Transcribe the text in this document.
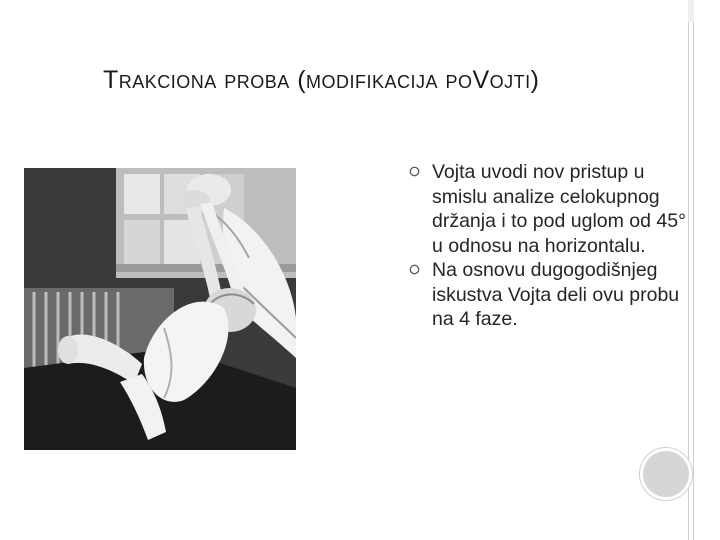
Trakciona proba (modifikacija poVojti)
Vojta uvodi nov pristup u smislu analize celokupnog držanja i to pod uglom od 45° u odnosu na horizontalu.
Na osnovu dugogodišnjeg iskustva Vojta deli ovu probu na 4 faze.
